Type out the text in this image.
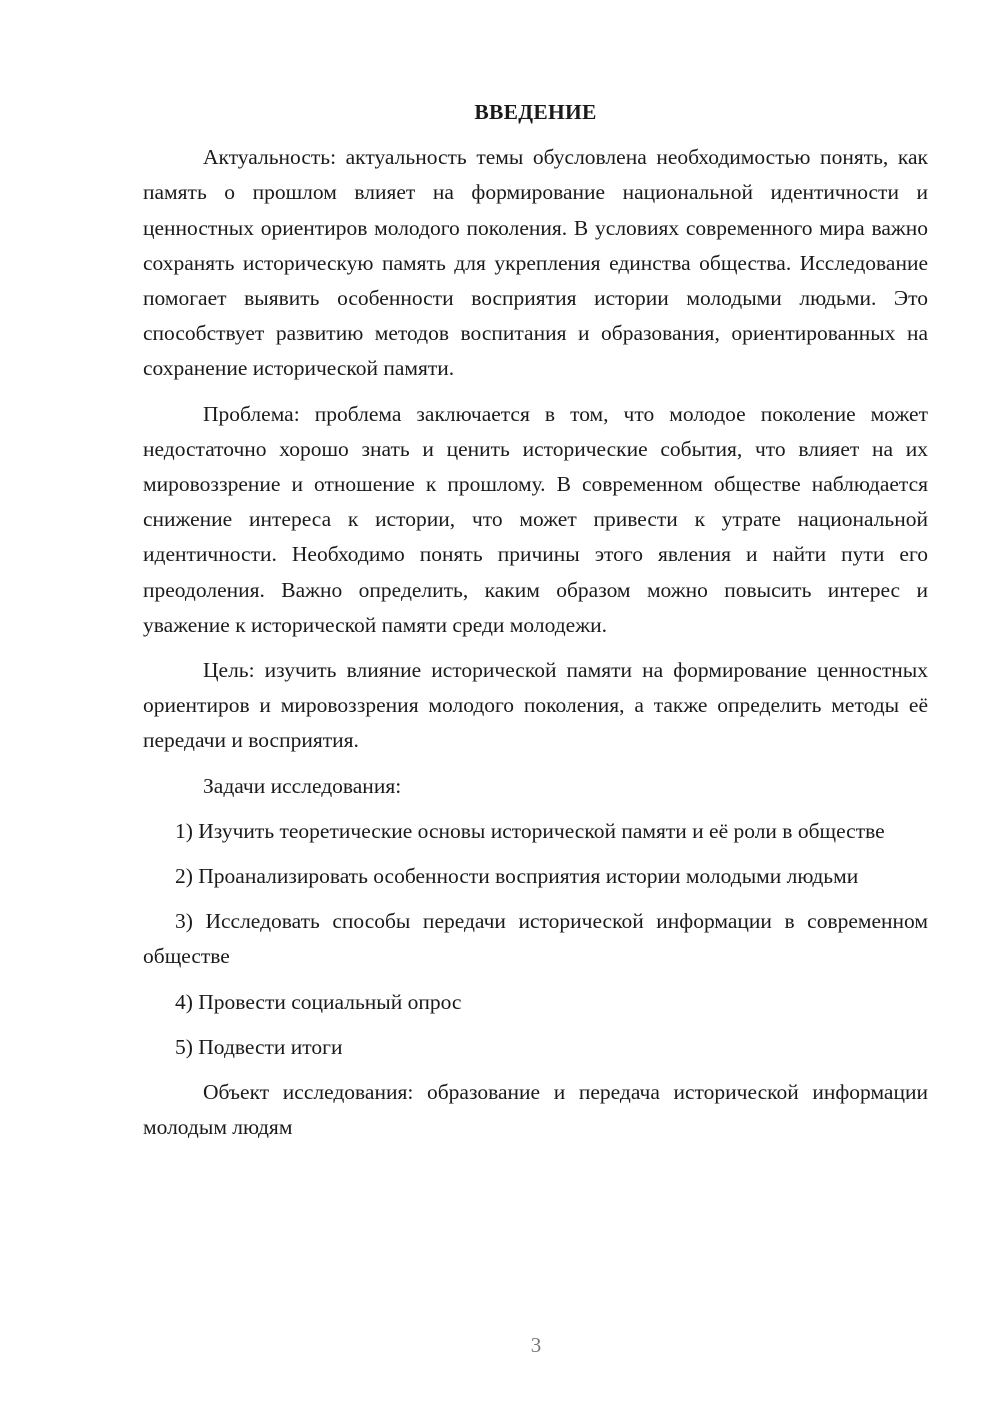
ВВЕДЕНИЕ

Актуальность: актуальность темы обусловлена необходимостью понять, как память о прошлом влияет на формирование национальной идентичности и ценностных ориентиров молодого поколения. В условиях современного мира важно сохранять историческую память для укрепления единства общества. Исследование помогает выявить особенности восприятия истории молодыми людьми. Это способствует развитию методов воспитания и образования, ориентированных на сохранение исторической памяти.

Проблема: проблема заключается в том, что молодое поколение может недостаточно хорошо знать и ценить исторические события, что влияет на их мировоззрение и отношение к прошлому. В современном обществе наблюдается снижение интереса к истории, что может привести к утрате национальной идентичности. Необходимо понять причины этого явления и найти пути его преодоления. Важно определить, каким образом можно повысить интерес и уважение к исторической памяти среди молодежи.

Цель: изучить влияние исторической памяти на формирование ценностных ориентиров и мировоззрения молодого поколения, а также определить методы её передачи и восприятия.

Задачи исследования:

1) Изучить теоретические основы исторической памяти и её роли в обществе

2) Проанализировать особенности восприятия истории молодыми людьми

3) Исследовать способы передачи исторической информации в современном обществе

4) Провести социальный опрос

5) Подвести итоги

Объект исследования: образование и передача исторической информации молодым людям

3
